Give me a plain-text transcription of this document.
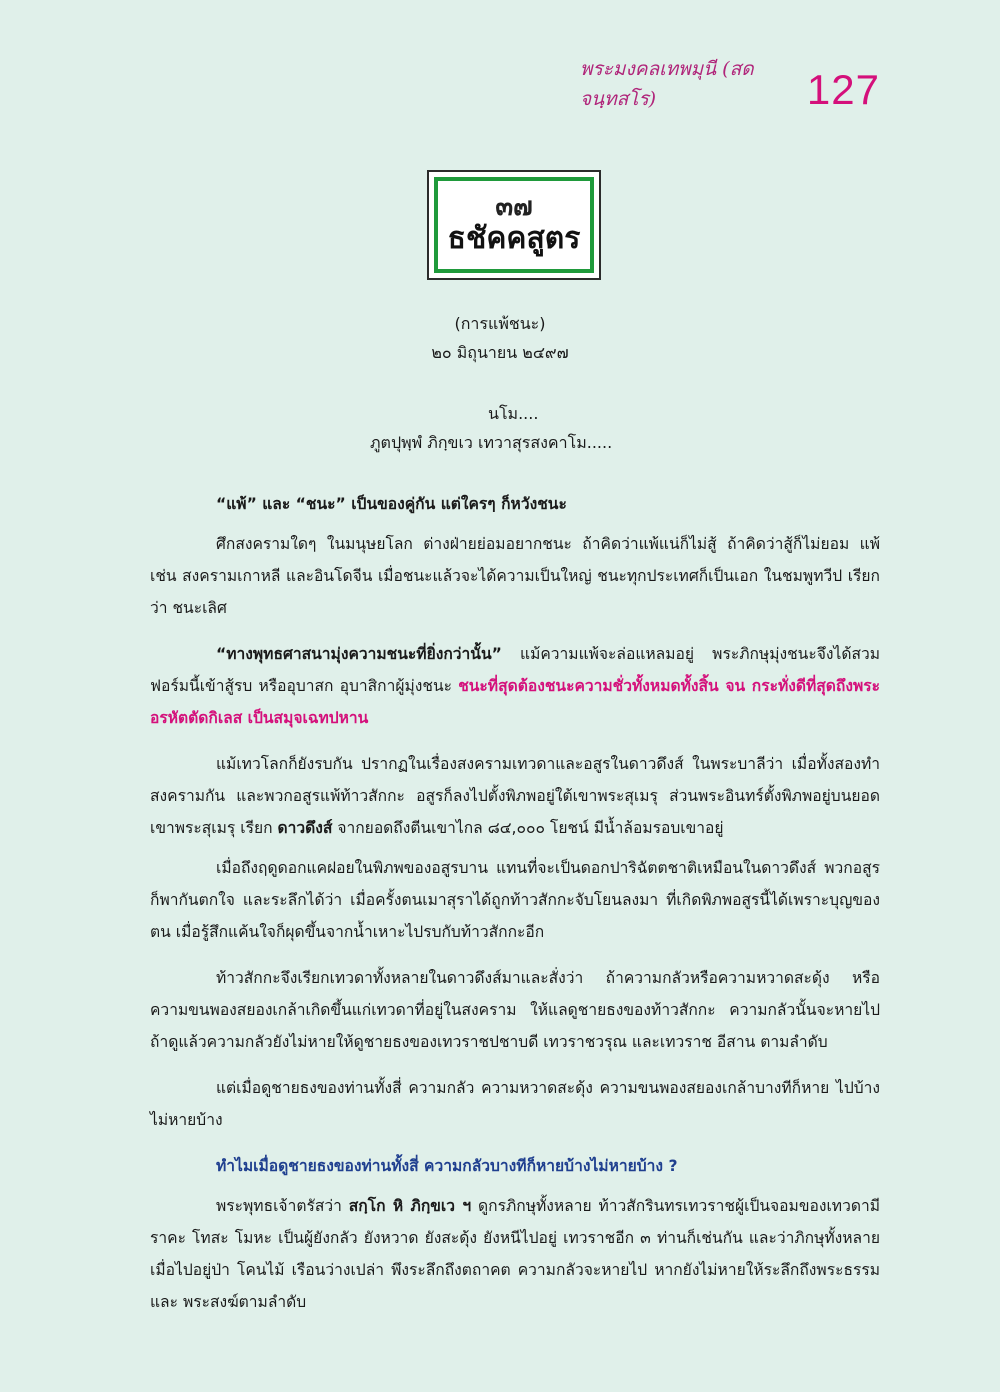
พระมงคลเทพมุนี (สด จนฺทสโร)	127
๓๗
ธชัคคสูตร
(การแพ้ชนะ)
๒๐ มิถุนายน ๒๔๙๗
นโม....
ภูตปุพฺพํ ภิกฺขเว เทวาสุรสงคาโม.....

“แพ้” และ “ชนะ” เป็นของคู่กัน แต่ใครๆ ก็หวังชนะ

ศึกสงครามใดๆ ในมนุษยโลก ต่างฝ่ายย่อมอยากชนะ ถ้าคิดว่าแพ้แน่ก็ไม่สู้ ถ้าคิดว่าสู้ก็ไม่ยอม แพ้ เช่น สงครามเกาหลี และอินโดจีน เมื่อชนะแล้วจะได้ความเป็นใหญ่ ชนะทุกประเทศก็เป็นเอก ในชมพูทวีป เรียกว่า ชนะเลิศ

“ทางพุทธศาสนามุ่งความชนะที่ยิ่งกว่านั้น” แม้ความแพ้จะล่อแหลมอยู่ พระภิกษุมุ่งชนะจึงได้สวมฟอร์มนี้เข้าสู้รบ หรืออุบาสก อุบาสิกาผู้มุ่งชนะ ชนะที่สุดต้องชนะความชั่วทั้งหมดทั้งสิ้น จน กระทั่งดีที่สุดถึงพระอรหัตตัดกิเลส เป็นสมุจเฉทปหาน

แม้เทวโลกก็ยังรบกัน ปรากฏในเรื่องสงครามเทวดาและอสูรในดาวดึงส์ ในพระบาลีว่า เมื่อทั้งสองทำสงครามกัน และพวกอสูรแพ้ท้าวสักกะ อสูรก็ลงไปตั้งพิภพอยู่ใต้เขาพระสุเมรุ ส่วนพระอินทร์ตั้งพิภพอยู่บนยอดเขาพระสุเมรุ เรียก ดาวดึงส์ จากยอดถึงตีนเขาไกล ๘๔,๐๐๐ โยชน์ มีน้ำล้อมรอบเขาอยู่

เมื่อถึงฤดูดอกแคฝอยในพิภพของอสูรบาน แทนที่จะเป็นดอกปาริฉัตตชาติเหมือนในดาวดึงส์ พวกอสูรก็พากันตกใจ และระลึกได้ว่า เมื่อครั้งตนเมาสุราได้ถูกท้าวสักกะจับโยนลงมา ที่เกิดพิภพอสูรนี้ได้เพราะบุญของตน เมื่อรู้สึกแค้นใจก็ผุดขึ้นจากน้ำเหาะไปรบกับท้าวสักกะอีก

ท้าวสักกะจึงเรียกเทวดาทั้งหลายในดาวดึงส์มาและสั่งว่า ถ้าความกลัวหรือความหวาดสะดุ้ง หรือความขนพองสยองเกล้าเกิดขึ้นแก่เทวดาที่อยู่ในสงคราม ให้แลดูชายธงของท้าวสักกะ ความกลัวนั้นจะหายไป ถ้าดูแล้วความกลัวยังไม่หายให้ดูชายธงของเทวราชปชาบดี เทวราชวรุณ และเทวราช อีสาน ตามลำดับ

แต่เมื่อดูชายธงของท่านทั้งสี่ ความกลัว ความหวาดสะดุ้ง ความขนพองสยองเกล้าบางทีก็หาย ไปบ้าง ไม่หายบ้าง

ทำไมเมื่อดูชายธงของท่านทั้งสี่ ความกลัวบางทีก็หายบ้างไม่หายบ้าง ?

พระพุทธเจ้าตรัสว่า สกฺโก หิ ภิกฺขเว ฯ ดูกรภิกษุทั้งหลาย ท้าวสักรินทรเทวราชผู้เป็นจอมของเทวดามีราคะ โทสะ โมหะ เป็นผู้ยังกลัว ยังหวาด ยังสะดุ้ง ยังหนีไปอยู่ เทวราชอีก ๓ ท่านก็เช่นกัน และว่าภิกษุทั้งหลาย เมื่อไปอยู่ป่า โคนไม้ เรือนว่างเปล่า พึงระลึกถึงตถาคต ความกลัวจะหายไป หากยังไม่หายให้ระลึกถึงพระธรรม และ พระสงฆ์ตามลำดับ
